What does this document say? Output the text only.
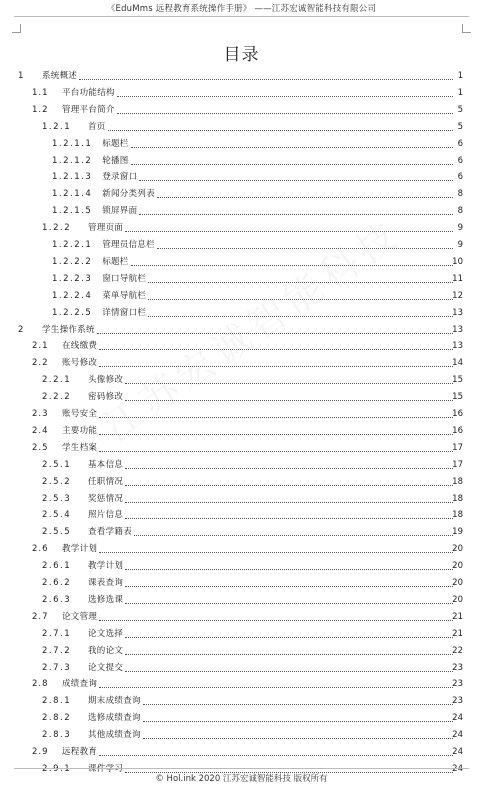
《EduMms 远程教育系统操作手册》 ——江苏宏诚智能科技有限公司
目录
1 系统概述	1
1.1 平台功能结构	1
1.2 管理平台简介	5
1.2.1 首页	5
1.2.1.1 标题栏	6
1.2.1.2 轮播图	6
1.2.1.3 登录窗口	6
1.2.1.4 新闻分类列表	8
1.2.1.5 锁屏界面	8
1.2.2 管理页面	9
1.2.2.1 管理员信息栏	9
1.2.2.2 标题栏	10
1.2.2.3 窗口导航栏	11
1.2.2.4 菜单导航栏	12
1.2.2.5 详情窗口栏	13
2 学生操作系统	13
2.1 在线缴费	13
2.2 账号修改	14
2.2.1 头像修改	15
2.2.2 密码修改	15
2.3 账号安全	16
2.4 主要功能	16
2.5 学生档案	17
2.5.1 基本信息	17
2.5.2 任职情况	18
2.5.3 奖惩情况	18
2.5.4 照片信息	18
2.5.5 查看学籍表	19
2.6 教学计划	20
2.6.1 教学计划	20
2.6.2 课表查询	20
2.6.3 选修选课	20
2.7 论文管理	21
2.7.1 论文选择	21
2.7.2 我的论文	22
2.7.3 论文提交	23
2.8 成绩查询	23
2.8.1 期末成绩查询	23
2.8.2 选修成绩查询	24
2.8.3 其他成绩查询	24
2.9 远程教育	24
2.9.1 课件学习	24
© Hol.ink 2020 江苏宏诚智能科技 版权所有
